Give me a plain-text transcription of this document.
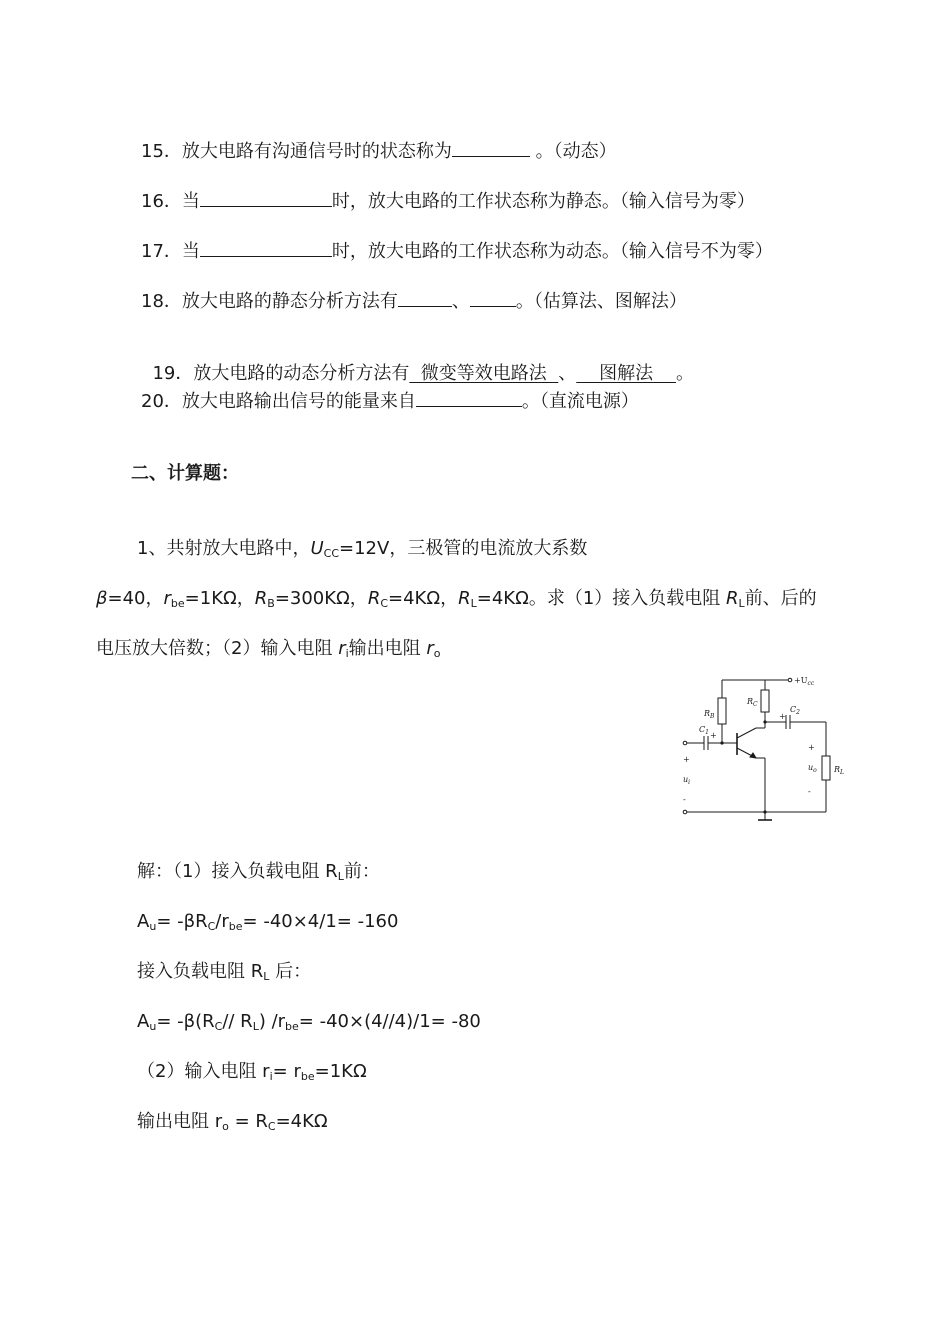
15．放大电路有沟通信号时的状态称为	。（动态）
16．当	时，放大电路的工作状态称为静态。（输入信号为零）
17．当	时，放大电路的工作状态称为动态。（输入信号不为零）
18．放大电路的静态分析方法有	、	。（估算法、图解法）

19．放大电路的动态分析方法有  微变等效电路法  、    图解法    。

20．放大电路输出信号的能量来自	。（直流电源）
二、计算题：
1、共射放大电路中，$U_{CC}=12V$，三极管的电流放大系数
β=40，$r_{be}=1K\Omega$，$R_B=300K\Omega$，$R_C=4K\Omega$，$R_L=4K\Omega$。求（1）接入负载电阻 $R_L$前、后的
电压放大倍数；（2）输入电阻 $r_i$输出电阻 $r_o$
$+U_{cc}$
$R_B$
$R_C$
$C_1$ +
$C_2$
+
$R_L$
+
$u_i$
-
+
$u_o$
-
解：（1）接入负载电阻 $R_L$前：
$A_u= -\beta R_C/r_{be}= -40\times 4/1= -160$
接入负载电阻 $R_L$ 后：
$A_u= -\beta(R_C//$ $R_L$) $/r_{be}= -40\times(4//4)/1= -80$
（2）输入电阻 $r_i= r_{be}=1K\Omega$
输出电阻 $r_o = R_C=4K\Omega$
